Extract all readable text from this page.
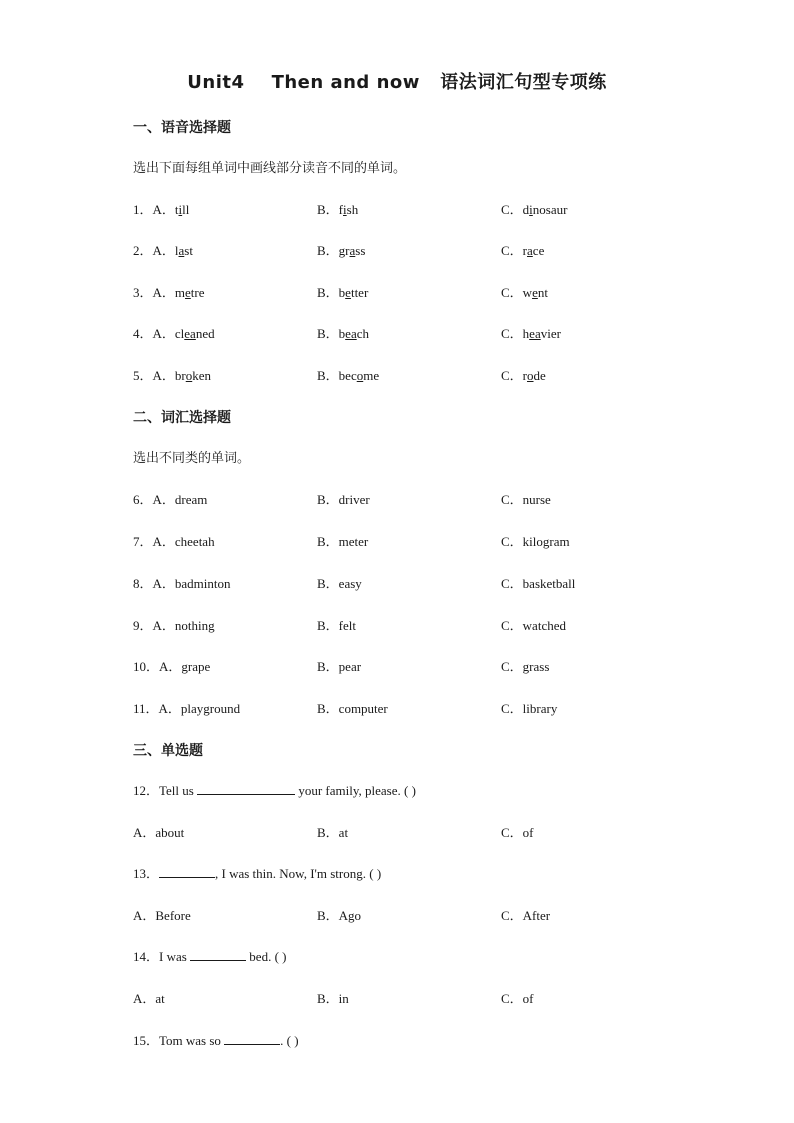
Unit4    Then and now   语法词汇句型专项练
一、语音选择题
选出下面每组单词中画线部分读音不同的单词。
1．A．till	B．fish	C．dinosaur
2．A．last	B．grass	C．race
3．A．metre	B．better	C．went
4．A．cleaned	B．beach	C．heavier
5．A．broken	B．become	C．rode
二、词汇选择题
选出不同类的单词。
6．A．dream	B．driver	C．nurse
7．A．cheetah	B．meter	C．kilogram
8．A．badminton	B．easy	C．basketball
9．A．nothing	B．felt	C．watched
10．A．grape	B．pear	C．grass
11．A．playground	B．computer	C．library
三、单选题
12．Tell us	your family, please. ( )
A．about	B．at	C．of
13．	, I was thin. Now, I'm strong. ( )
A．Before	B．Ago	C．After
14．I was	bed. ( )
A．at	B．in	C．of
15．Tom was so	. ( )
